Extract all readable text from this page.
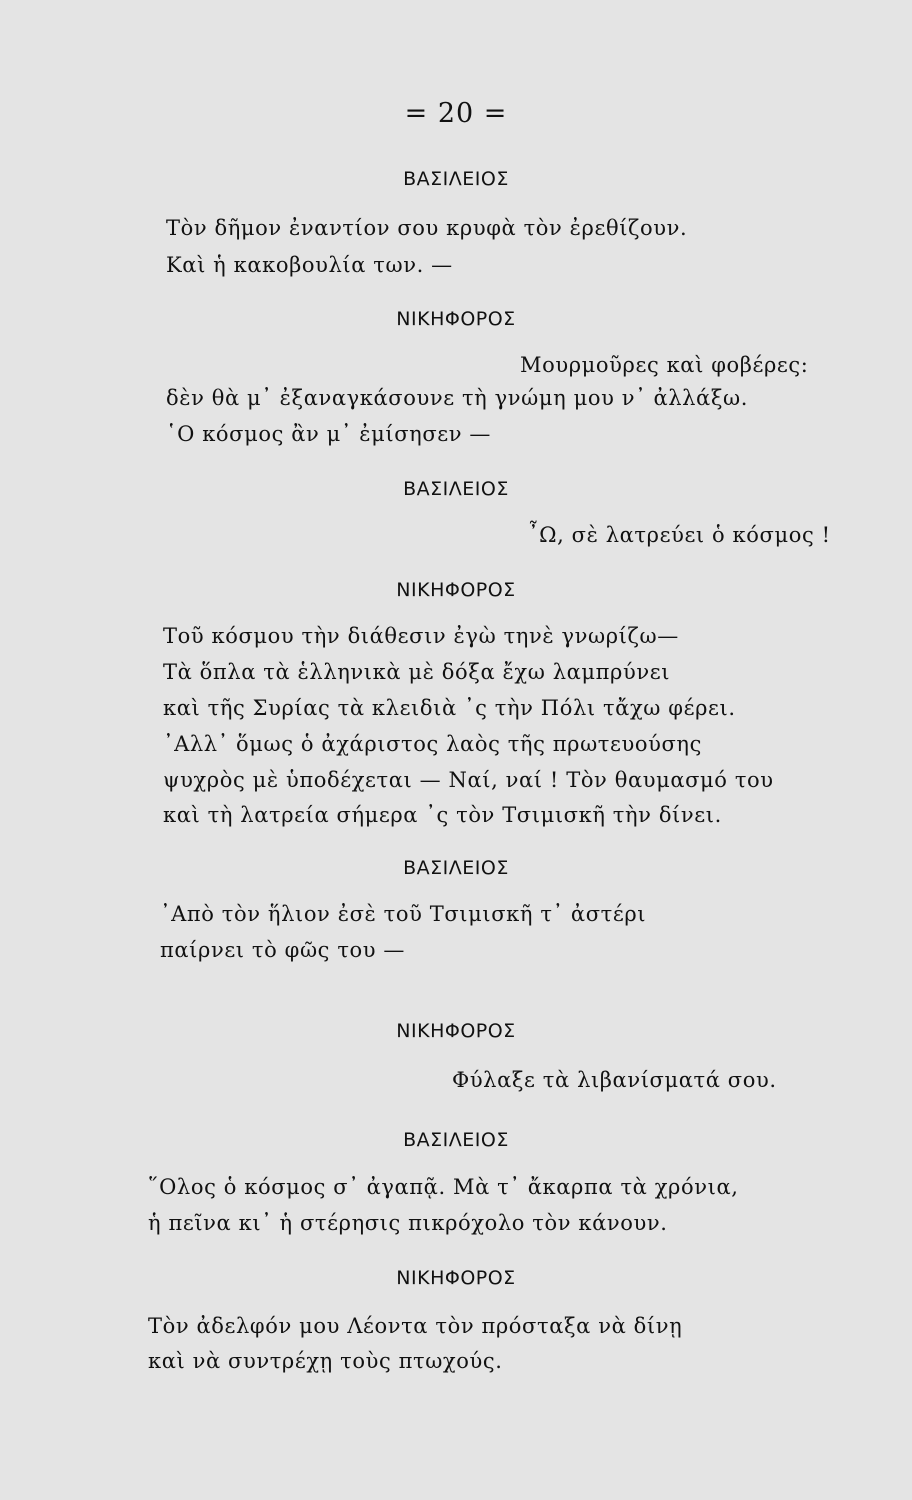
= 20 =
ΒΑΣΙΛΕΙΟΣ
Τὸν δῆμον ἐναντίον σου κρυφὰ τὸν ἐρεθίζουν.
Καὶ ἡ κακοβουλία των. —
ΝΙΚΗΦΟΡΟΣ
Μουρμοῦρες καὶ φοβέρες:
δὲν θὰ μ᾿ ἐξαναγκάσουνε τὴ γνώμη μου ν᾿ ἀλλάξω.
῾Ο κόσμος ἂν μ᾿ ἐμίσησεν —
ΒΑΣΙΛΕΙΟΣ
῏Ω, σὲ λατρεύει ὁ κόσμος !
ΝΙΚΗΦΟΡΟΣ
Τοῦ κόσμου τὴν διάθεσιν ἐγὼ τηνὲ γνωρίζω—
Τὰ ὅπλα τὰ ἑλληνικὰ μὲ δόξα ἔχω λαμπρύνει
καὶ τῆς Συρίας τὰ κλειδιὰ ᾿ς τὴν Πόλι τἄχω φέρει.
᾿Αλλ᾿ ὅμως ὁ ἀχάριστος λαὸς τῆς πρωτευούσης
ψυχρὸς μὲ ὑποδέχεται — Ναί, ναί ! Τὸν θαυμασμό του
καὶ τὴ λατρεία σήμερα ᾿ς τὸν Τσιμισκῆ τὴν δίνει.
ΒΑΣΙΛΕΙΟΣ
᾿Απὸ τὸν ἥλιον ἐσὲ τοῦ Τσιμισκῆ τ᾿ ἀστέρι
παίρνει τὸ φῶς του —
ΝΙΚΗΦΟΡΟΣ
Φύλαξε τὰ λιβανίσματά σου.
ΒΑΣΙΛΕΙΟΣ
῞Ολος ὁ κόσμος σ᾿ ἀγαπᾷ. Μὰ τ᾿ ἄκαρπα τὰ χρόνια,
ἡ πεῖνα κι᾿ ἡ στέρησις πικρόχολο τὸν κάνουν.
ΝΙΚΗΦΟΡΟΣ
Τὸν ἀδελφόν μου Λέοντα τὸν πρόσταξα νὰ δίνῃ
καὶ νὰ συντρέχῃ τοὺς πτωχούς.
